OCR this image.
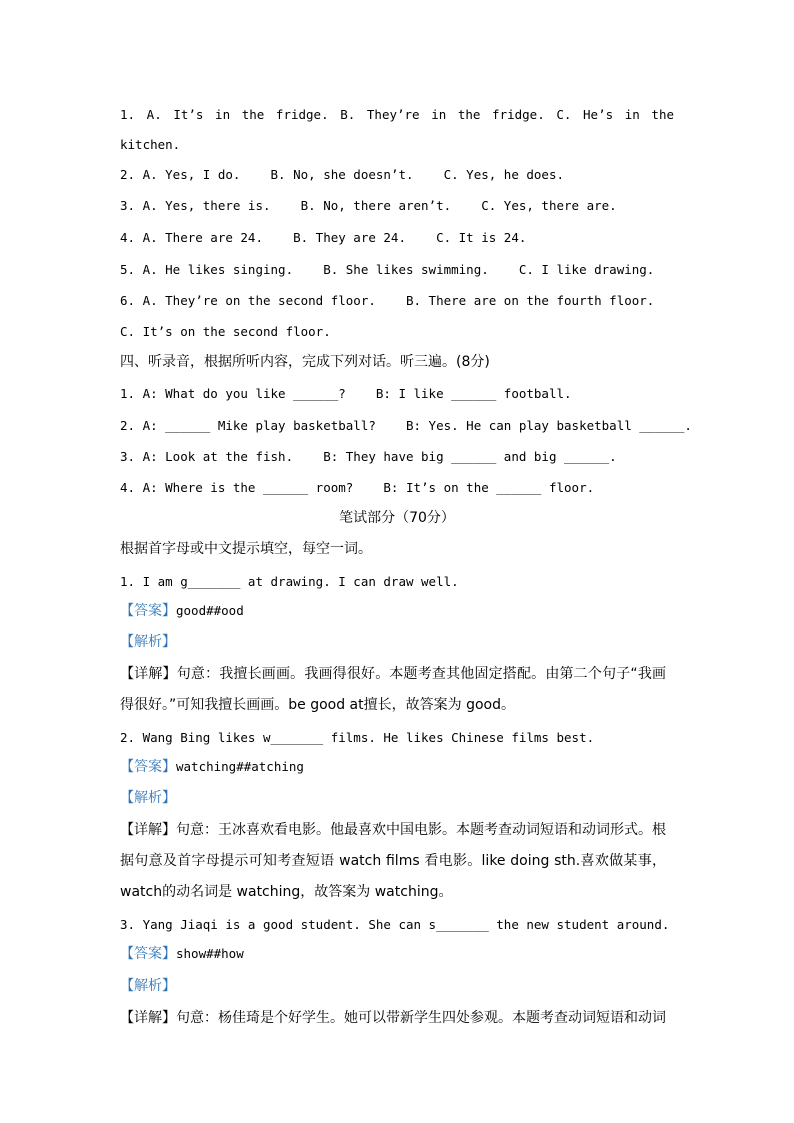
1. A. It’s in the fridge. B. They’re in the fridge. C. He’s in the
kitchen.
2. A. Yes, I do.    B. No, she doesn’t.    C. Yes, he does.
3. A. Yes, there is.    B. No, there aren’t.    C. Yes, there are.
4. A. There are 24.    B. They are 24.    C. It is 24.
5. A. He likes singing.    B. She likes swimming.    C. I like drawing.
6. A. They’re on the second floor.    B. There are on the fourth floor.
C. It’s on the second floor.
四、听录音，根据所听内容，完成下列对话。听三遍。(8分)
1. A: What do you like ______?    B: I like ______ football.
2. A: ______ Mike play basketball?    B: Yes. He can play basketball ______.
3. A: Look at the fish.    B: They have big ______ and big ______.
4. A: Where is the ______ room?    B: It’s on the ______ floor.
笔试部分（70分）
根据首字母或中文提示填空，每空一词。
1. I am g_______ at drawing. I can draw well.
【答案】good##ood
【解析】
【详解】句意：我擅长画画。我画得很好。本题考查其他固定搭配。由第二个句子“我画
得很好。”可知我擅长画画。be good at擅长，故答案为 good。
2. Wang Bing likes w_______ films. He likes Chinese films best.
【答案】watching##atching
【解析】
【详解】句意：王冰喜欢看电影。他最喜欢中国电影。本题考查动词短语和动词形式。根
据句意及首字母提示可知考查短语 watch films 看电影。like doing sth.喜欢做某事，
watch的动名词是 watching，故答案为 watching。
3. Yang Jiaqi is a good student. She can s_______ the new student around.
【答案】show##how
【解析】
【详解】句意：杨佳琦是个好学生。她可以带新学生四处参观。本题考查动词短语和动词
